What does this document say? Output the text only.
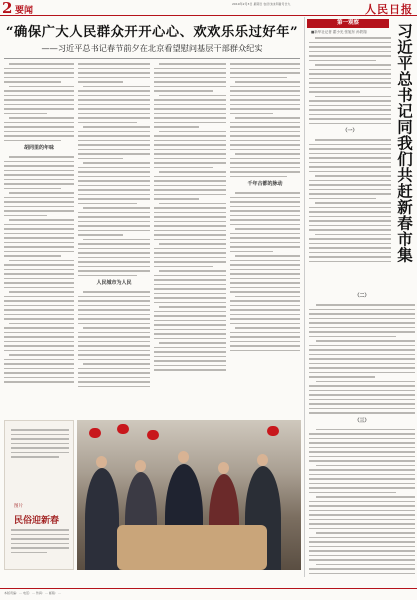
2 要闻
2019年2月3日 星期日 农历戊戌年腊月廿九	人民日报
“确保广大人民群众开开心心、欢欢乐乐过好年”
——习近平总书记春节前夕在北京看望慰问基层干部群众纪实
胡同里的年味
人民城市为人民
千年古都的脉动
图片
民俗迎新春
第一观察
■新华社记者 霍小光 张旭东 孙铁翔 习近平总书记同我们共赶新春市集
（一）
（二）
（三）
本版责编：… 电话：… 传真：… 邮箱：…
